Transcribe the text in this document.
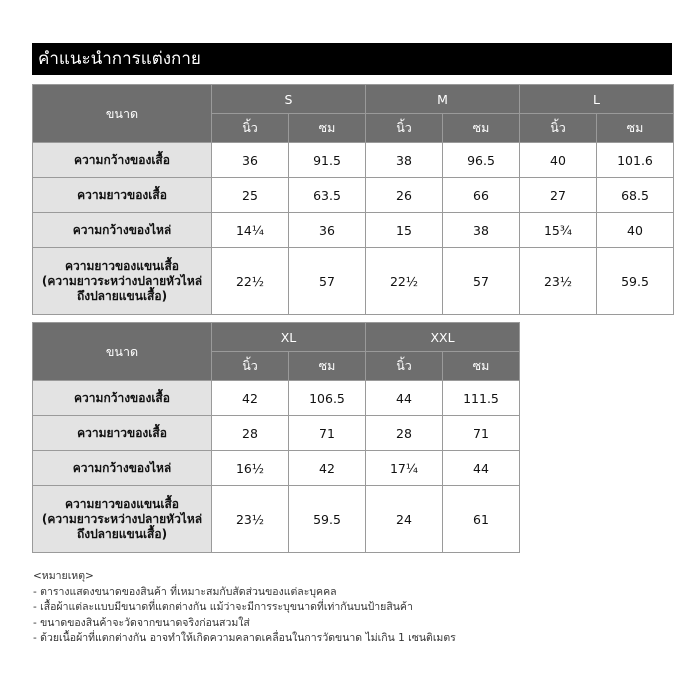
คำแนะนำการแต่งกาย
ขนาด	S		M		L	
	นิ้ว	ซม	นิ้ว	ซม	นิ้ว	ซม
ความกว้างของเสื้อ	36	91.5	38	96.5	40	101.6
ความยาวของเสื้อ	25	63.5	26	66	27	68.5
ความกว้างของไหล่	14¼	36	15	38	15¾	40

ความยาวของแขนเสื้อ
(ความยาวระหว่างปลายหัวไหล่
ถึงปลายแขนเสื้อ)	22½	57	22½	57	23½	59.5
ขนาด	XL		XXL	
	นิ้ว	ซม	นิ้ว	ซม
ความกว้างของเสื้อ	42	106.5	44	111.5
ความยาวของเสื้อ	28	71	28	71
ความกว้างของไหล่	16½	42	17¼	44

ความยาวของแขนเสื้อ
(ความยาวระหว่างปลายหัวไหล่
ถึงปลายแขนเสื้อ)	23½	59.5	24	61
<หมายเหตุ>
- ตารางแสดงขนาดของสินค้า ที่เหมาะสมกับสัดส่วนของแต่ละบุคคล
- เสื้อผ้าแต่ละแบบมีขนาดที่แตกต่างกัน แม้ว่าจะมีการระบุขนาดที่เท่ากันบนป้ายสินค้า
- ขนาดของสินค้าจะวัดจากขนาดจริงก่อนสวมใส่
- ด้วยเนื้อผ้าที่แตกต่างกัน อาจทำให้เกิดความคลาดเคลื่อนในการวัดขนาด ไม่เกิน 1 เซนติเมตร
